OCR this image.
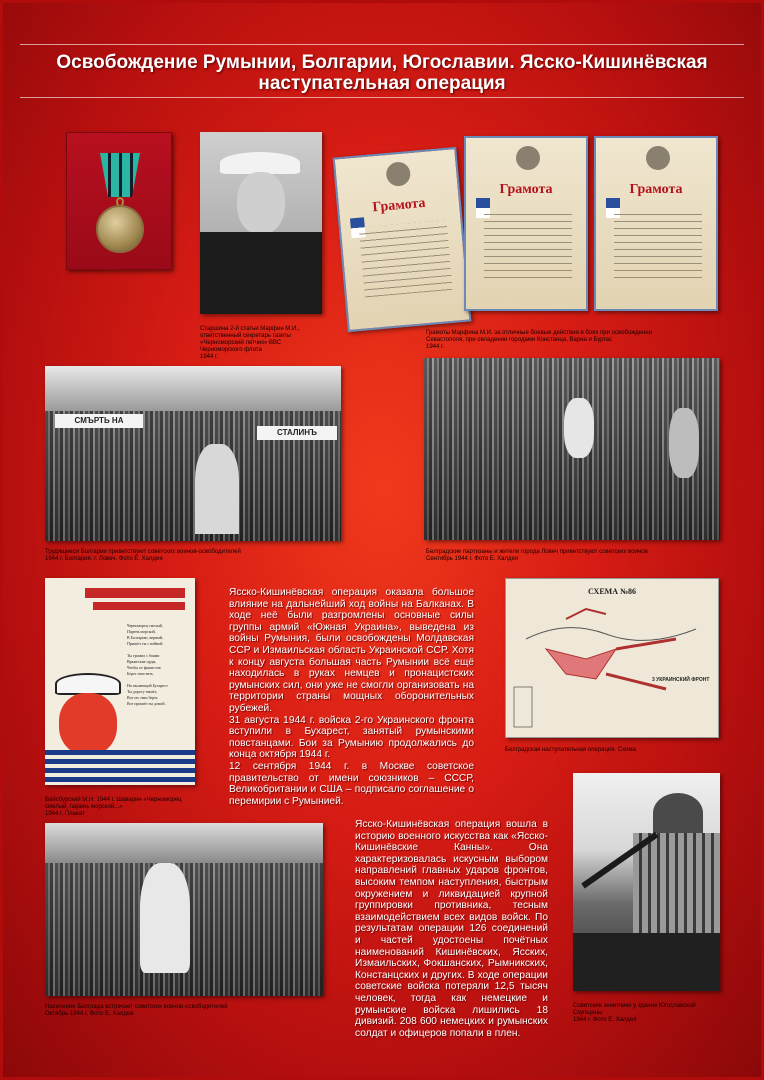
Освобождение Румынии, Болгарии, Югославии. Ясско-Кишинёвская
наступательная операция
Старшина 2-й статьи Марфин М.И.,
ответственный секретарь газеты
«Черноморский летчик» ВВС
Черноморского флота
1944 г.
Грамота
Грамота	Грамота
Грамоты Марфина М.И. за отличные боевые действия в боях при освобождении
Севастополя, при овладении городами Констанца, Варна и Бургас
1944 г.
СМЪРТЬ НА
СТАЛИНЪ
Трудящиеся Болгарии приветствуют советских воинов-освободителей
1944 г. Болгария, г. Ловеч. Фото Е. Халдея
Белградские партизаны и жители города Ловеч приветствуют советских воинов
Сентябрь 1944 г. Фото Е. Халдея
Черноморец смелый,
Парень морской,
В Болгарию, верный,
Пришёл ты с войной.

Ты громил с боями
Вражеские орды,
Чтобы от фашистов
Берег очистить.

На пылающий Бухарест
Ты дорогу нашёл,
Вот он, наш берег,
Вот пришёл ты домой.
Вайсбурский М.Н. 1944 г. Шаварин «Черноморец
смелый, парень морской...»
1944 г. Плакат

Ясско-Кишинёвская операция оказала большое влияние на дальнейший ход войны на Балканах. В ходе неё были разгромлены основные силы группы армий «Южная Украина», выведена из войны Румыния, были освобождены Молдавская ССР и Измаильская область Украинской ССР. Хотя к концу августа большая часть Румынии всё ещё находилась в руках немцев и пронацистских румынских сил, они уже не смогли организовать на территории страны мощных оборонительных рубежей.

31 августа 1944 г. войска 2-го Украинского фронта вступили в Бухарест, занятый румынскими повстанцами. Бои за Румынию продолжались до конца октября 1944 г.

12 сентября 1944 г. в Москве советское правительство от имени союзников – СССР, Великобритании и США – подписало соглашение о перемирии с Румынией.

СХЕМА №86
3 УКРАИНСКИЙ ФРОНТ
Белградская наступательная операция. Схема
Население Белграда встречает советских воинов-освободителей
Октябрь 1944 г. Фото Е. Халдея

Ясско-Кишинёвская операция вошла в историю военного искусства как «Ясско-Кишинёвские Канны». Она характеризовалась искусным выбором направлений главных ударов фронтов, высоким темпом наступления, быстрым окружением и ликвидацией крупной группировки противника, тесным взаимодействием всех видов войск. По результатам операции 126 соединений и частей удостоены почётных наименований Кишинёвских, Ясских, Измаильских, Фокшанских, Рымникских, Констанцских и других. В ходе операции советские войска потеряли 12,5 тысяч человек, тогда как немецкие и румынские войска лишились 18 дивизий. 208 600 немецких и румынских солдат и офицеров попали в плен.

Советские зенитчики у здания Югославской
Скупщины
1944 г. Фото Е. Халдея
